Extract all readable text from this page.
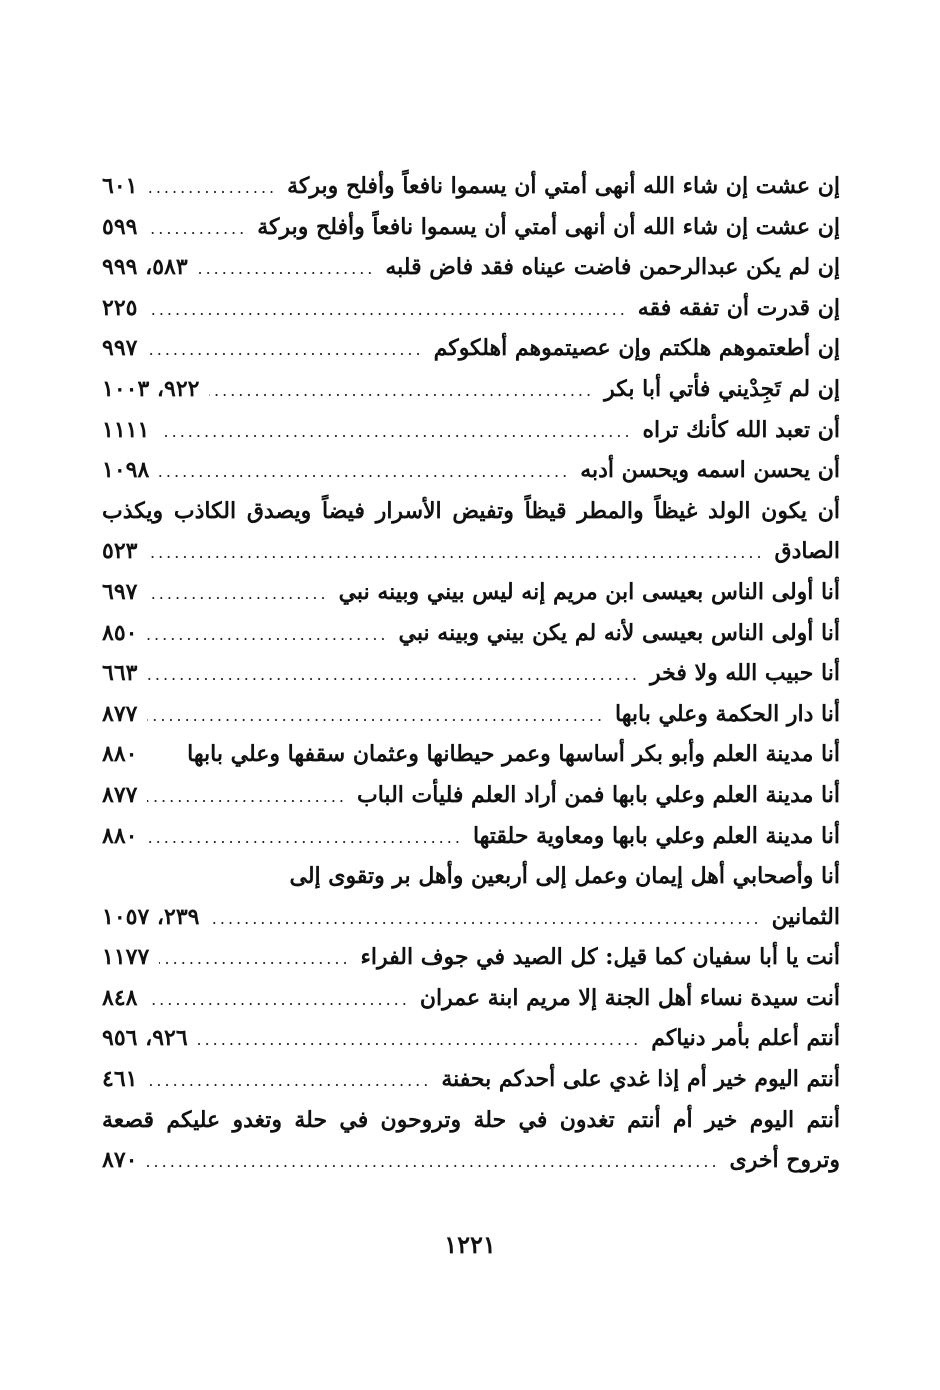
إن عشت إن شاء الله أنهى أمتي أن يسموا نافعاً وأفلح وبركة
.....
٦٠١
إن عشت إن شاء الله أن أنهى أمتي أن يسموا نافعاً وأفلح وبركة
.....
٥٩٩
إن لم يكن عبدالرحمن فاضت عيناه فقد فاض قلبه
.....
٥٨٣، ٩٩٩
إن قدرت أن تفقه فقه
.....
٢٢٥
إن أطعتموهم هلكتم وإن عصيتموهم أهلكوكم
.....
٩٩٧
إن لم تَجِدْيني فأتي أبا بكر
.....
٩٢٢، ١٠٠٣
أن تعبد الله كأنك تراه
.....
١١١١
أن يحسن اسمه ويحسن أدبه
.....
١٠٩٨
أن يكون الولد غيظاً والمطر قيظاً وتفيض الأسرار فيضاً ويصدق الكاذب ويكذب
الصادق
.....
٥٢٣
أنا أولى الناس بعيسى ابن مريم إنه ليس بيني وبينه نبي
.....
٦٩٧
أنا أولى الناس بعيسى لأنه لم يكن بيني وبينه نبي
.....
٨٥٠
أنا حبيب الله ولا فخر
.....
٦٦٣
أنا دار الحكمة وعلي بابها
.....
٨٧٧
أنا مدينة العلم وأبو بكر أساسها وعمر حيطانها وعثمان سقفها وعلي بابها
٨٨٠
أنا مدينة العلم وعلي بابها فمن أراد العلم فليأت الباب
.....
٨٧٧
أنا مدينة العلم وعلي بابها ومعاوية حلقتها
.....
٨٨٠
أنا وأصحابي أهل إيمان وعمل إلى أربعين وأهل بر وتقوى إلى
الثمانين
.....
٢٣٩، ١٠٥٧
أنت يا أبا سفيان كما قيل: كل الصيد في جوف الفراء
.....
١١٧٧
أنت سيدة نساء أهل الجنة إلا مريم ابنة عمران
.....
٨٤٨
أنتم أعلم بأمر دنياكم
.....
٩٢٦، ٩٥٦
أنتم اليوم خير أم إذا غدي على أحدكم بحفنة
.....
٤٦١
أنتم اليوم خير أم أنتم تغدون في حلة وتروحون في حلة وتغدو عليكم قصعة
وتروح أخرى
.....
٨٧٠
١٢٢١
